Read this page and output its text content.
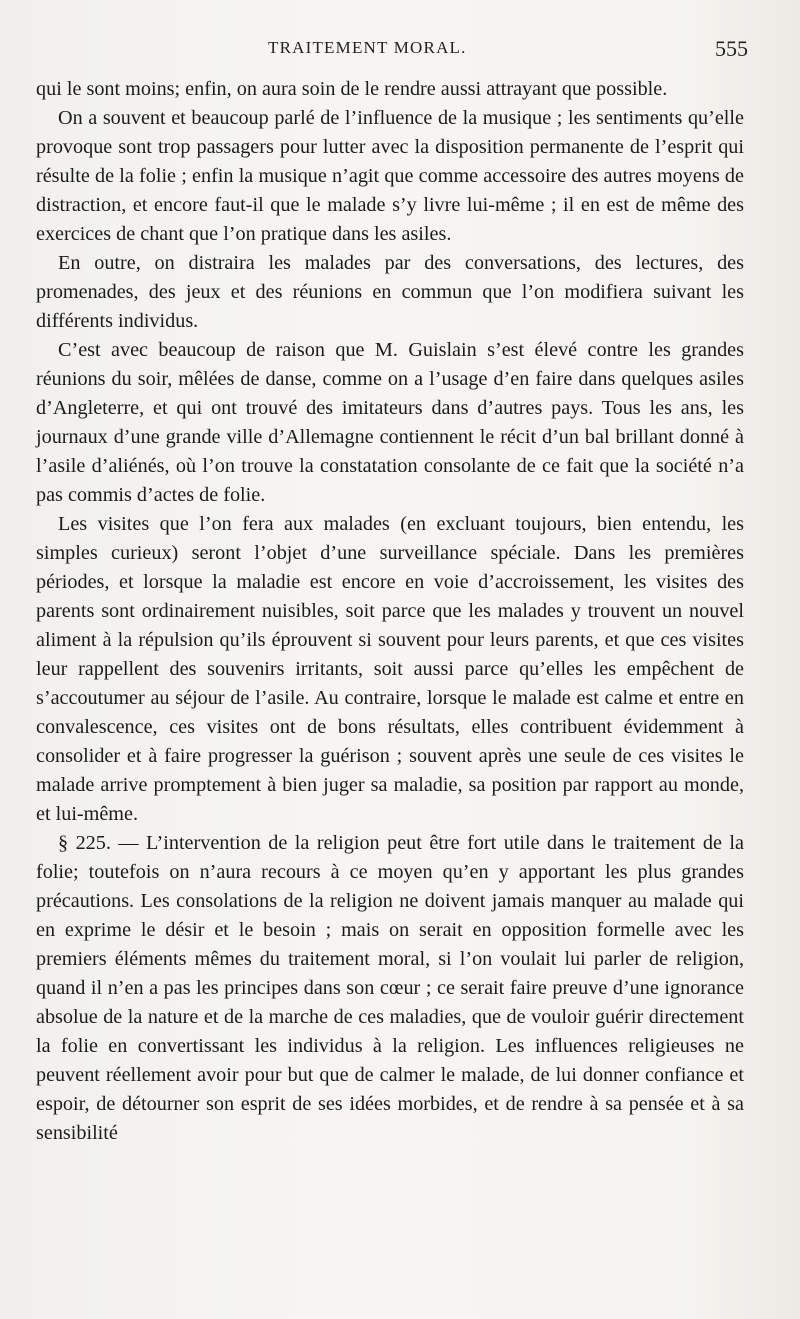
TRAITEMENT MORAL.	555

qui le sont moins; enfin, on aura soin de le rendre aussi attrayant que possible.

On a souvent et beaucoup parlé de l’influence de la musique ; les sentiments qu’elle provoque sont trop passagers pour lutter avec la disposition permanente de l’esprit qui résulte de la folie ; enfin la musique n’agit que comme accessoire des autres moyens de distraction, et encore faut-il que le malade s’y livre lui-même ; il en est de même des exercices de chant que l’on pratique dans les asiles.

En outre, on distraira les malades par des conversations, des lectures, des promenades, des jeux et des réunions en commun que l’on modifiera suivant les différents individus.

C’est avec beaucoup de raison que M. Guislain s’est élevé contre les grandes réunions du soir, mêlées de danse, comme on a l’usage d’en faire dans quelques asiles d’Angleterre, et qui ont trouvé des imitateurs dans d’autres pays. Tous les ans, les journaux d’une grande ville d’Allemagne contiennent le récit d’un bal brillant donné à l’asile d’aliénés, où l’on trouve la constatation consolante de ce fait que la société n’a pas commis d’actes de folie.

Les visites que l’on fera aux malades (en excluant toujours, bien entendu, les simples curieux) seront l’objet d’une surveillance spéciale. Dans les premières périodes, et lorsque la maladie est encore en voie d’accroissement, les visites des parents sont ordinairement nuisibles, soit parce que les malades y trouvent un nouvel aliment à la répulsion qu’ils éprouvent si souvent pour leurs parents, et que ces visites leur rappellent des souvenirs irritants, soit aussi parce qu’elles les empêchent de s’accoutumer au séjour de l’asile. Au contraire, lorsque le malade est calme et entre en convalescence, ces visites ont de bons résultats, elles contribuent évidemment à consolider et à faire progresser la guérison ; souvent après une seule de ces visites le malade arrive promptement à bien juger sa maladie, sa position par rapport au monde, et lui-même.

§ 225. — L’intervention de la religion peut être fort utile dans le traitement de la folie; toutefois on n’aura recours à ce moyen qu’en y apportant les plus grandes précautions. Les consolations de la religion ne doivent jamais manquer au malade qui en exprime le désir et le besoin ; mais on serait en opposition formelle avec les premiers éléments mêmes du traitement moral, si l’on voulait lui parler de religion, quand il n’en a pas les principes dans son cœur ; ce serait faire preuve d’une ignorance absolue de la nature et de la marche de ces maladies, que de vouloir guérir directement la folie en convertissant les individus à la religion. Les influences religieuses ne peuvent réellement avoir pour but que de calmer le malade, de lui donner confiance et espoir, de détourner son esprit de ses idées morbides, et de rendre à sa pensée et à sa sensibilité
